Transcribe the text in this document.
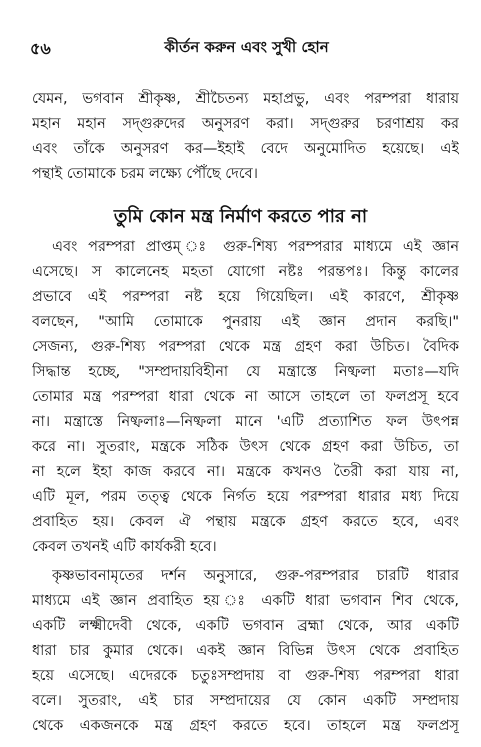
৫৬	কীর্তন করুন এবং সুখী হোন
যেমন, ভগবান শ্রীকৃষ্ণ, শ্রীচৈতন্য মহাপ্রভু, এবং পরম্পরা ধারায়
মহান মহান সদ্‌গুরুদের অনুসরণ করা। সদ্‌গুরুর চরণাশ্রয় কর
এবং তাঁকে অনুসরণ কর—ইহাই বেদে অনুমোদিত হয়েছে। এই
পন্থাই তোমাকে চরম লক্ষ্যে পৌঁছে দেবে।
তুমি কোন মন্ত্র নির্মাণ করতে পার না
এবং পরম্পরা প্রাপ্তম্ ঃ গুরু-শিষ্য পরম্পরার মাধ্যমে এই জ্ঞান
এসেছে। স কালেনেহ মহতা যোগো নষ্টঃ পরন্তপঃ। কিন্তু কালের
প্রভাবে এই পরম্পরা নষ্ট হয়ে গিয়েছিল। এই কারণে, শ্রীকৃষ্ণ
বলছেন, "আমি তোমাকে পুনরায় এই জ্ঞান প্রদান করছি।"
সেজন্য, গুরু-শিষ্য পরম্পরা থেকে মন্ত্র গ্রহণ করা উচিত। বৈদিক
সিদ্ধান্ত হচ্ছে, "সম্প্রদায়বিহীনা যে মন্ত্রাস্তে নিষ্ফলা মতাঃ—যদি
তোমার মন্ত্র পরম্পরা ধারা থেকে না আসে তাহলে তা ফলপ্রসূ হবে
না। মন্ত্রাস্তে নিষ্ফলাঃ—নিষ্ফলা মানে 'এটি প্রত্যাশিত ফল উৎপন্ন
করে না। সুতরাং, মন্ত্রকে সঠিক উৎস থেকে গ্রহণ করা উচিত, তা
না হলে ইহা কাজ করবে না। মন্ত্রকে কখনও তৈরী করা যায় না,
এটি মূল, পরম তত্ত্ব থেকে নির্গত হয়ে পরম্পরা ধারার মধ্য দিয়ে
প্রবাহিত হয়। কেবল ঐ পন্থায় মন্ত্রকে গ্রহণ করতে হবে, এবং
কেবল তখনই এটি কার্যকরী হবে।
কৃষ্ণভাবনামৃতের দর্শন অনুসারে, গুরু-পরম্পরার চারটি ধারার
মাধ্যমে এই জ্ঞান প্রবাহিত হয় ঃ একটি ধারা ভগবান শিব থেকে,
একটি লক্ষ্মীদেবী থেকে, একটি ভগবান ব্রহ্মা থেকে, আর একটি
ধারা চার কুমার থেকে। একই জ্ঞান বিভিন্ন উৎস থেকে প্রবাহিত
হয়ে এসেছে। এদেরকে চতুঃসম্প্রদায় বা গুরু-শিষ্য পরম্পরা ধারা
বলে। সুতরাং, এই চার সম্প্রদায়ের যে কোন একটি সম্প্রদায়
থেকে একজনকে মন্ত্র গ্রহণ করতে হবে। তাহলে মন্ত্র ফলপ্রসূ
